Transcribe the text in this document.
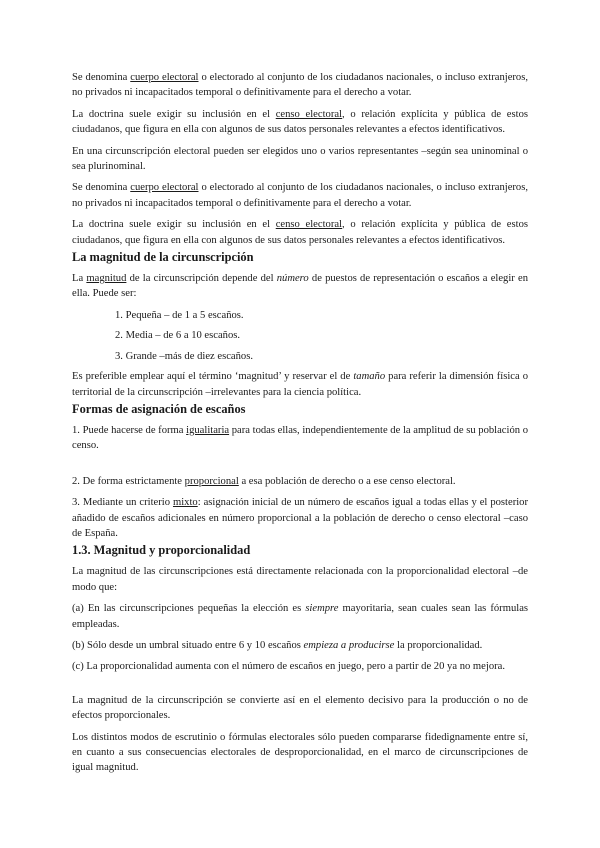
Se denomina cuerpo electoral o electorado al conjunto de los ciudadanos nacionales, o incluso extranjeros, no privados ni incapacitados temporal o definitivamente para el derecho a votar.

La doctrina suele exigir su inclusión en el censo electoral, o relación explícita y pública de estos ciudadanos, que figura en ella con algunos de sus datos personales relevantes a efectos identificativos.

En una circunscripción electoral pueden ser elegidos uno o varios representantes –según sea uninominal o sea plurinominal.

Se denomina cuerpo electoral o electorado al conjunto de los ciudadanos nacionales, o incluso extranjeros, no privados ni incapacitados temporal o definitivamente para el derecho a votar.

La doctrina suele exigir su inclusión en el censo electoral, o relación explícita y pública de estos ciudadanos, que figura en ella con algunos de sus datos personales relevantes a efectos identificativos.

La magnitud de la circunscripción

La magnitud de la circunscripción depende del número de puestos de representación o escaños a elegir en ella. Puede ser:

1. Pequeña – de 1 a 5 escaños.
2. Media – de 6 a 10 escaños.
3. Grande –más de diez escaños.

Es preferible emplear aquí el término ‘magnitud’ y reservar el de tamaño para referir la dimensión física o territorial de la circunscripción –irrelevantes para la ciencia política.

Formas de asignación de escaños

1. Puede hacerse de forma igualitaria para todas ellas, independientemente de la amplitud de su población o censo.

2. De forma estrictamente proporcional a esa población de derecho o a ese censo electoral.

3. Mediante un criterio mixto: asignación inicial de un número de escaños igual a todas ellas y el posterior añadido de escaños adicionales en número proporcional a la población de derecho o censo electoral –caso de España.

1.3. Magnitud y proporcionalidad

La magnitud de las circunscripciones está directamente relacionada con la proporcionalidad electoral –de modo que:

(a) En las circunscripciones pequeñas la elección es siempre mayoritaria, sean cuales sean las fórmulas empleadas.

(b) Sólo desde un umbral situado entre 6 y 10 escaños empieza a producirse la proporcionalidad.

(c) La proporcionalidad aumenta con el número de escaños en juego, pero a partir de 20 ya no mejora.

La magnitud de la circunscripción se convierte así en el elemento decisivo para la producción o no de efectos proporcionales.

Los distintos modos de escrutinio o fórmulas electorales sólo pueden compararse fidedignamente entre sí, en cuanto a sus consecuencias electorales de desproporcionalidad, en el marco de circunscripciones de igual magnitud.
